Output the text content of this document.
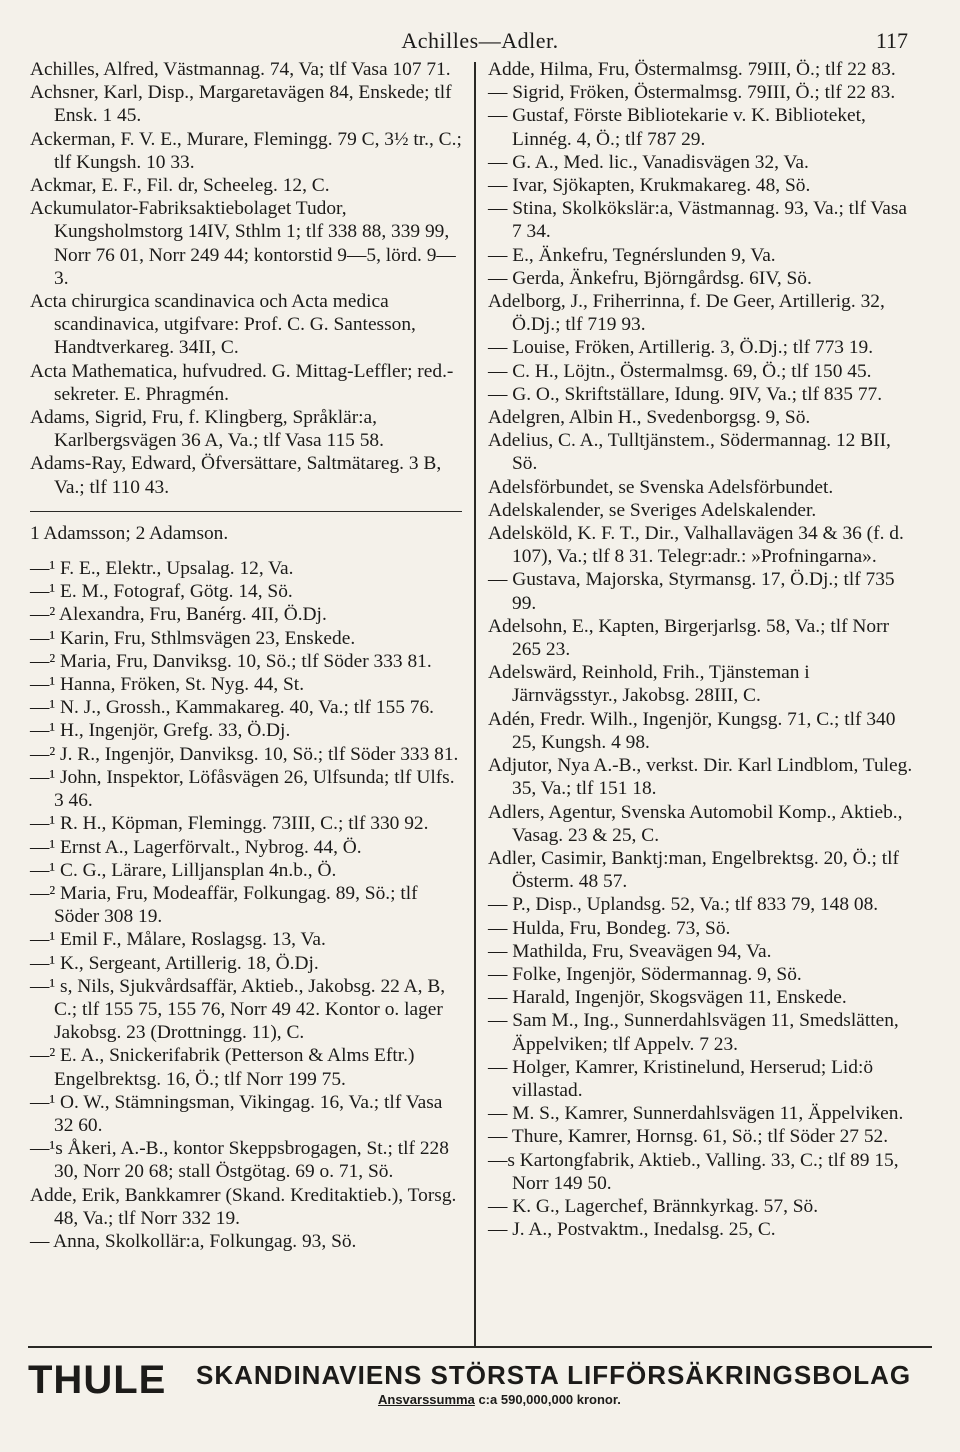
Achilles—Adler.	117
Achilles, Alfred, Västmannag. 74, Va; tlf Vasa 107 71.
Achsner, Karl, Disp., Margaretavägen 84, Enskede; tlf Ensk. 1 45.
Ackerman, F. V. E., Murare, Flemingg. 79 C, 3½ tr., C.; tlf Kungsh. 10 33.
Ackmar, E. F., Fil. dr, Scheeleg. 12, C.
Ackumulator-Fabriksaktiebolaget Tudor, Kungsholmstorg 14IV, Sthlm 1; tlf 338 88, 339 99, Norr 76 01, Norr 249 44; kontorstid 9—5, lörd. 9—3.
Acta chirurgica scandinavica och Acta medica scandinavica, utgifvare: Prof. C. G. Santesson, Handtverkareg. 34II, C.
Acta Mathematica, hufvudred. G. Mittag-Leffler; red.-sekreter. E. Phragmén.
Adams, Sigrid, Fru, f. Klingberg, Språklär:a, Karlbergsvägen 36 A, Va.; tlf Vasa 115 58.
Adams-Ray, Edward, Öfversättare, Saltmätareg. 3 B, Va.; tlf 110 43.
1 Adamsson; 2 Adamson.
—¹ F. E., Elektr., Upsalag. 12, Va.
—¹ E. M., Fotograf, Götg. 14, Sö.
—² Alexandra, Fru, Banérg. 4II, Ö.Dj.
—¹ Karin, Fru, Sthlmsvägen 23, Enskede.
—² Maria, Fru, Danviksg. 10, Sö.; tlf Söder 333 81.
—¹ Hanna, Fröken, St. Nyg. 44, St.
—¹ N. J., Grossh., Kammakareg. 40, Va.; tlf 155 76.
—¹ H., Ingenjör, Grefg. 33, Ö.Dj.
—² J. R., Ingenjör, Danviksg. 10, Sö.; tlf Söder 333 81.
—¹ John, Inspektor, Löfåsvägen 26, Ulfsunda; tlf Ulfs. 3 46.
—¹ R. H., Köpman, Flemingg. 73III, C.; tlf 330 92.
—¹ Ernst A., Lagerförvalt., Nybrog. 44, Ö.
—¹ C. G., Lärare, Lilljansplan 4n.b., Ö.
—² Maria, Fru, Modeaffär, Folkungag. 89, Sö.; tlf Söder 308 19.
—¹ Emil F., Målare, Roslagsg. 13, Va.
—¹ K., Sergeant, Artillerig. 18, Ö.Dj.
—¹ s, Nils, Sjukvårdsaffär, Aktieb., Jakobsg. 22 A, B, C.; tlf 155 75, 155 76, Norr 49 42. Kontor o. lager Jakobsg. 23 (Drottningg. 11), C.
—² E. A., Snickerifabrik (Petterson & Alms Eftr.) Engelbrektsg. 16, Ö.; tlf Norr 199 75.
—¹ O. W., Stämningsman, Vikingag. 16, Va.; tlf Vasa 32 60.
—¹s Åkeri, A.-B., kontor Skeppsbrogagen, St.; tlf 228 30, Norr 20 68; stall Östgötag. 69 o. 71, Sö.
Adde, Erik, Bankkamrer (Skand. Kreditaktieb.), Torsg. 48, Va.; tlf Norr 332 19.
— Anna, Skolkollär:a, Folkungag. 93, Sö.
Adde, Hilma, Fru, Östermalmsg. 79III, Ö.; tlf 22 83.
— Sigrid, Fröken, Östermalmsg. 79III, Ö.; tlf 22 83.
— Gustaf, Förste Bibliotekarie v. K. Biblioteket, Linnég. 4, Ö.; tlf 787 29.
— G. A., Med. lic., Vanadisvägen 32, Va.
— Ivar, Sjökapten, Krukmakareg. 48, Sö.
— Stina, Skolkökslär:a, Västmannag. 93, Va.; tlf Vasa 7 34.
— E., Änkefru, Tegnérslunden 9, Va.
— Gerda, Änkefru, Björngårdsg. 6IV, Sö.
Adelborg, J., Friherrinna, f. De Geer, Artillerig. 32, Ö.Dj.; tlf 719 93.
— Louise, Fröken, Artillerig. 3, Ö.Dj.; tlf 773 19.
— C. H., Löjtn., Östermalmsg. 69, Ö.; tlf 150 45.
— G. O., Skriftställare, Idung. 9IV, Va.; tlf 835 77.
Adelgren, Albin H., Svedenborgsg. 9, Sö.
Adelius, C. A., Tulltjänstem., Södermannag. 12 BII, Sö.
Adelsförbundet, se Svenska Adelsförbundet.
Adelskalender, se Sveriges Adelskalender.
Adelsköld, K. F. T., Dir., Valhallavägen 34 & 36 (f. d. 107), Va.; tlf 8 31. Telegr:adr.: »Profningarna».
— Gustava, Majorska, Styrmansg. 17, Ö.Dj.; tlf 735 99.
Adelsohn, E., Kapten, Birgerjarlsg. 58, Va.; tlf Norr 265 23.
Adelswärd, Reinhold, Frih., Tjänsteman i Järnvägsstyr., Jakobsg. 28III, C.
Adén, Fredr. Wilh., Ingenjör, Kungsg. 71, C.; tlf 340 25, Kungsh. 4 98.
Adjutor, Nya A.-B., verkst. Dir. Karl Lindblom, Tuleg. 35, Va.; tlf 151 18.
Adlers, Agentur, Svenska Automobil Komp., Aktieb., Vasag. 23 & 25, C.
Adler, Casimir, Banktj:man, Engelbrektsg. 20, Ö.; tlf Österm. 48 57.
— P., Disp., Uplandsg. 52, Va.; tlf 833 79, 148 08.
— Hulda, Fru, Bondeg. 73, Sö.
— Mathilda, Fru, Sveavägen 94, Va.
— Folke, Ingenjör, Södermannag. 9, Sö.
— Harald, Ingenjör, Skogsvägen 11, Enskede.
— Sam M., Ing., Sunnerdahlsvägen 11, Smedslätten, Äppelviken; tlf Appelv. 7 23.
— Holger, Kamrer, Kristinelund, Herserud; Lid:ö villastad.
— M. S., Kamrer, Sunnerdahlsvägen 11, Äppelviken.
— Thure, Kamrer, Hornsg. 61, Sö.; tlf Söder 27 52.
—s Kartongfabrik, Aktieb., Valling. 33, C.; tlf 89 15, Norr 149 50.
— K. G., Lagerchef, Brännkyrkag. 57, Sö.
— J. A., Postvaktm., Inedalsg. 25, C.
THULE SKANDINAVIENS STÖRSTA LIFFÖRSÄKRINGSBOLAG
Ansvarssumma c:a 590,000,000 kronor.
